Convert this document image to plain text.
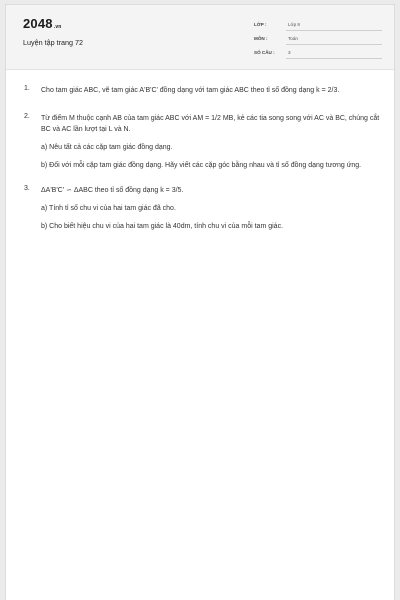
2048.vn
Luyện tập trang 72
LỚP :	Lớp 8
MÔN :	Toán
SỐ CÂU :	3
1. Cho tam giác ABC, vẽ tam giác A'B'C' đồng dạng với tam giác ABC theo tỉ số đồng dạng k = 2/3.
2. Từ điểm M thuộc cạnh AB của tam giác ABC với AM = 1/2 MB, kẻ các tia song song với AC và BC, chúng cắt BC và AC lần lượt tại L và N.
a) Nêu tất cả các cặp tam giác đồng dạng.
b) Đối với mỗi cặp tam giác đồng dạng. Hãy viết các cặp góc bằng nhau và tỉ số đồng dạng tương ứng.
3. ΔA'B'C' ∽ ΔABC theo tỉ số đồng dạng k = 3/5.
a) Tính tỉ số chu vi của hai tam giác đã cho.
b) Cho biết hiệu chu vi của hai tam giác là 40dm, tính chu vi của mỗi tam giác.
